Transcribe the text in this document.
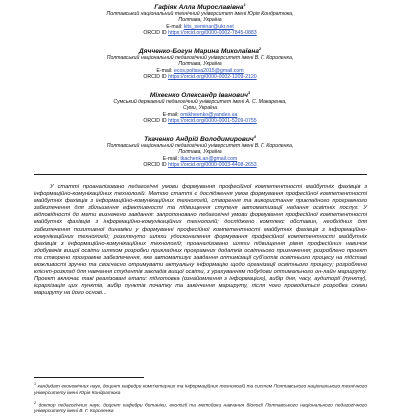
Гафіяк Алла Мирославівна$^1$
Полтавський національний технічний університет імені Юрія Кондратюка,
Полтава, Україна
E-mail: kits_seminar@ukr.net
ORCID ID https://orcid.org/0000-0002-7845-0883
Дячченко-Богун Марина Миколаївна$^2$
Полтавський національний педагогічний університет імені В. Г. Короленка,
Полтава, Україна
E-mail: ecos.poltava2015@gmail.com
ORCID ID https://orcid.org/0000-0002-1209-2120
Міхеєнко Олександр Іванович$^3$
Сумський державний педагогічний університет імені А. С. Макаренка,
Суми, Україна
E-mail: omikheenko@yandex.ua
ORCID ID https://orcid.org/0000-0001-5209-0755
Ткаченко Андрій Володимирович$^4$
Полтавський національний педагогічний університет імені В. Г. Короленка,
Полтава, Україна
E-mail: tkachenk.an@gmail.com
ORCID ID https://orcid.org/0000-0003-4408-2653
У статті проаналізовано педагогічні умови формування професійної компетентності майбутніх фахівців з інформаційно-комунікаційних технологій. Метою статті є дослідження умов формування професійної компетентності майбутніх фахівців з інформаційно-комунікаційних технологій, створення та використання прикладного програмного забезпечення для збільшення ефективності та підвищення ступеня автоматизації надання освітніх послуг. У відповідності до мети визначено завдання: запропоновано педагогічні умови формування професійної компетентності майбутніх фахівців з інформаційно-комунікаційних технологій; досліджено комплекс обставин, необхідних для забезпечення позитивної динаміки у формуванні професійної компетентності майбутніх фахівців з інформаційно-комунікаційних технологій; розглянуто шляхи удосконалення формування професійної компетентності майбутніх фахівців з інформаційно-комунікаційних технологій; проаналізовано шляхи підвищення рівня професійних навичок здобувачів вищої освіти шляхом розробки прикладних програмних додатків освітнього призначення; розроблено проект та створено програмне забезпечення, яке автоматизує завдання оптимізації суб'єктів освітнього процесу на підставі можливості зручно та своєчасно отримувати актуальну інформацію щодо організації освітнього процесу; розроблено клієнт-розклад для навчання студентів закладів вищої освіти, з урахуванням побудови оптимального он-лайн маршруту. Проект включає такі реалізовані етапи: підготовка (ознайомлення з інформацією), вибір дня, часу, аудиторії (пункту), ієрархізація цих пунктів, вибір пунктів початку та закінчення маршруту, після чого проводиться розробка схеми маршруту на його основі...

$^1$ кандидат економічних наук, доцент кафедри комп'ютерних та інформаційних технологій та систем Полтавського національного технічного університету імені Юрія Кондратюка

$^2$ доктор педагогічних наук, доцент кафедри ботаніки, екології та методики навчання біології Полтавського національного педагогічного університету імені В. Г. Короленка
